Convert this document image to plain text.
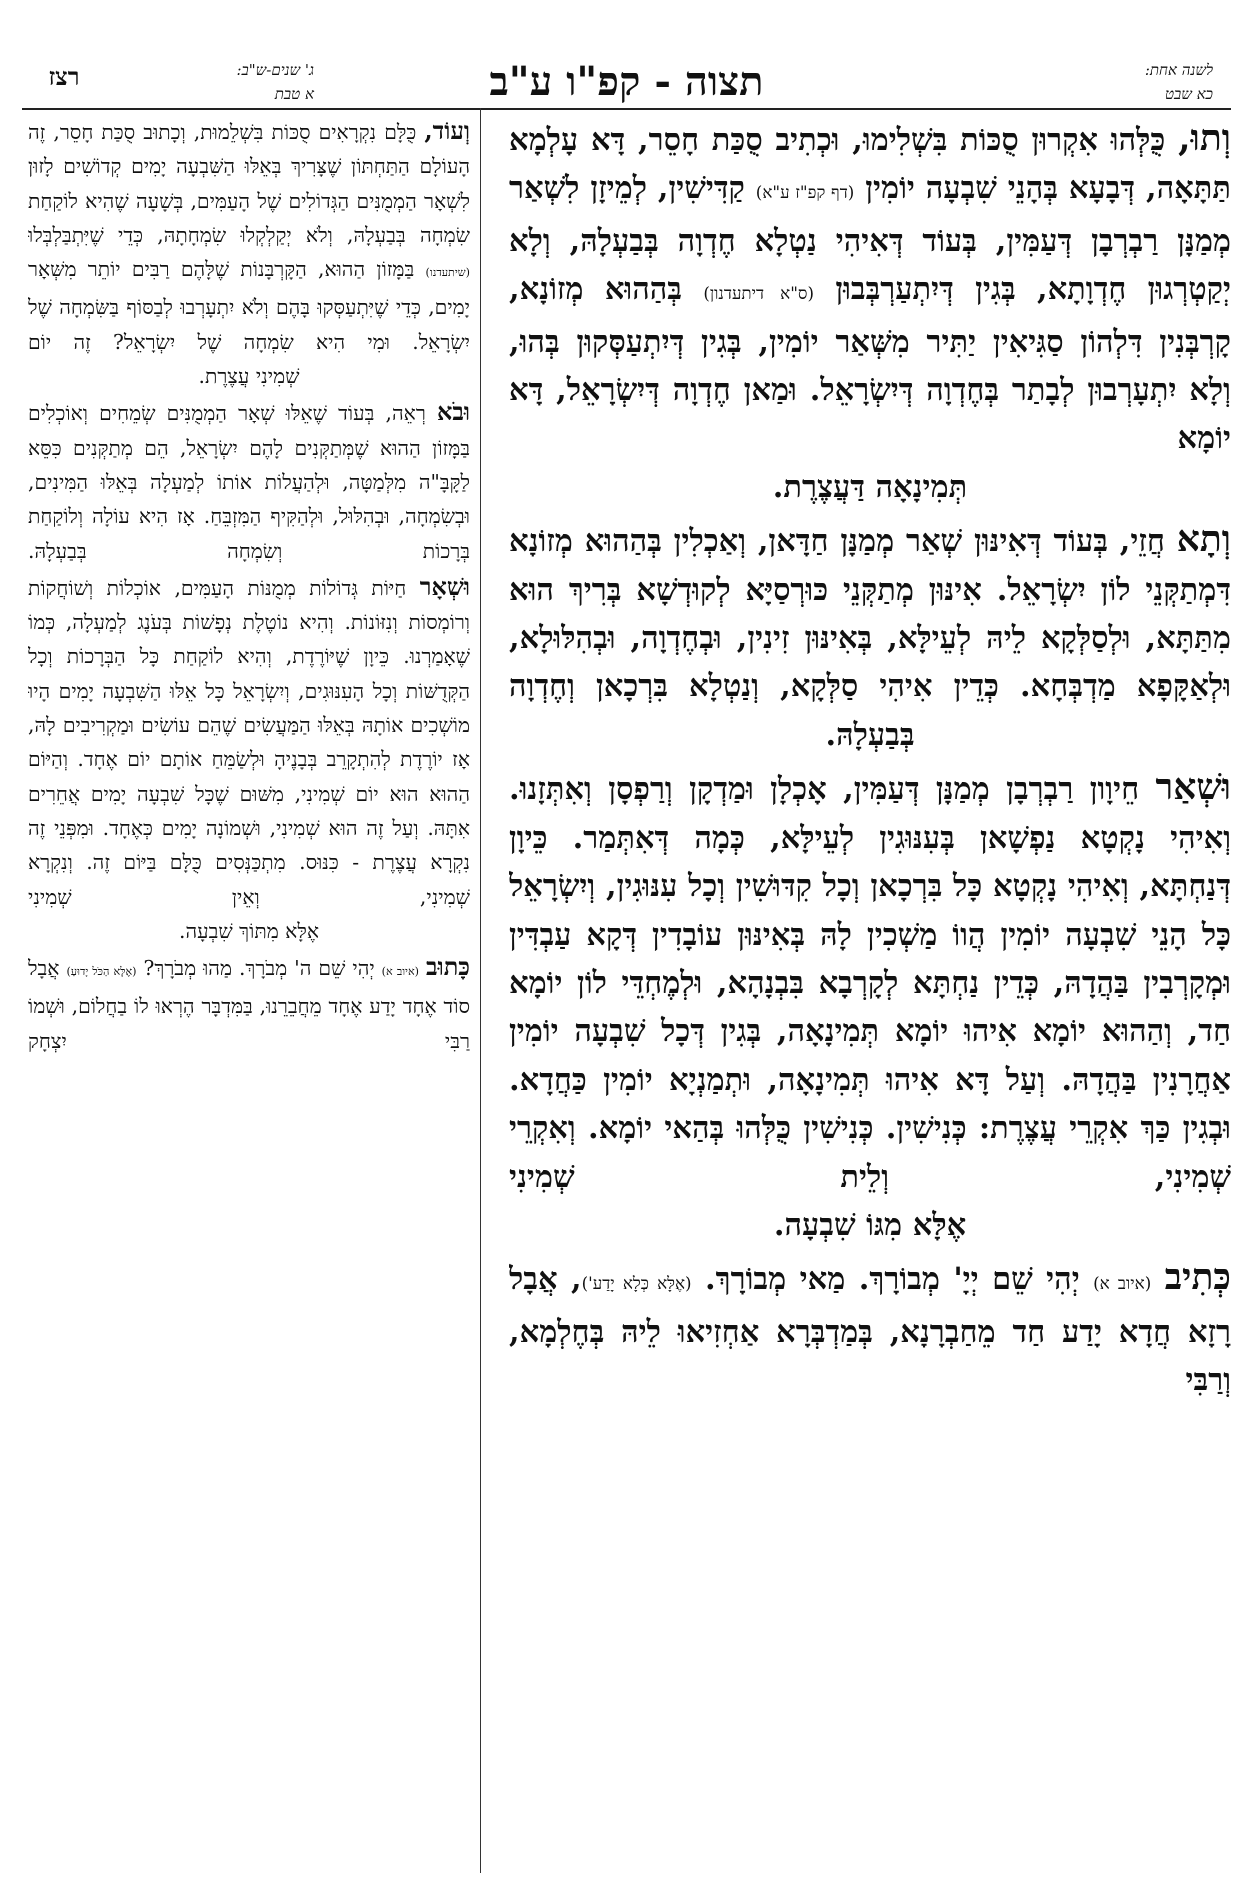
לשנה אחת:
כא שבט
תצוה - קפ"ו ע"ב
ג' שנים-ש"ב:
א טבת
רצז

וְתוּ, כֻּלְּהוּ אִקְרוּן סֻכּוֹת בִּשְׁלִימוּ, וּכְתִיב סֻכַּת חָסֵר, דָּא עָלְמָא תַּתָּאָה, דְּבָעָא בְּהָנֵי שִׁבְעָה יוֹמִין (דף קפ"ז ע"א) קַדִּישִׁין, לְמֵיזָן לִשְׁאַר מְמַנָּן רַבְרְבָן דְּעַמִּין, בְּעוֹד דְּאִיהִי נַטְלָא חֶדְוָה בְּבַעְלָהּ, וְלָא יְקַטְרְגוּן חֶדְוָתָא, בְּגִין דְּיִתְעַרְבְּבוּן (ס"א דיתעדנון) בְּהַהוּא מְזוֹנָא, קָרְבְּנִין דִּלְהוֹן סַגִּיאִין יַתִּיר מִשְּׁאַר יוֹמִין, בְּגִין דְּיִתְעַסְּקוּן בְּהוּ, וְלָא יִתְעָרְבוּן לְבָתַר בְּחֶדְוָה דְּיִשְׂרָאֵל. וּמַאן חֶדְוָה דְּיִשְׂרָאֵל, דָּא יוֹמָא
תְּמִינָאָה דַּעֲצֶרֶת.

וְתָא חֲזֵי, בְּעוֹד דְּאִינּוּן שְׁאַר מְמַנָּן חַדָּאן, וְאַכְלִין בְּהַהוּא מְזוֹנָא דִּמְתַקְּנֵי לוֹן יִשְׂרָאֵל. אִינּוּן מְתַקְּנֵי כּוּרְסַיָּא לְקוּדְשָׁא בְּרִיךְ הוּא מִתַּתָּא, וּלְסַלְּקָא לֵיהּ לְעֵילָּא, בְּאִינּוּן זִינִין, וּבְחֶדְוָה, וּבְהִלּוּלָא, וּלְאַקָּפָא מַדְבְּחָא. כְּדֵין אִיהִי סַלְּקָא, וְנַטְלָא בִּרְכָאן וְחֶדְוָה
בְּבַעְלָהּ.

וּשְׁאַר חֵיוָון רַבְרְבָן מְמַנָּן דְּעַמִּין, אָכְלָן וּמַדְקָן וְרַפְסָן וְאִתְּזָנוּ. וְאִיהִי נָקְטָא נַפְשָׁאן בְּעִנּוּגִין לְעֵילָּא, כְּמָה דְּאִתְּמַר. כֵּיוָן דְּנַחְתָּא, וְאִיהִי נָקְטָא כָּל בִּרְכָאן וְכָל קִדּוּשִׁין וְכָל עִנּוּגִין, וְיִשְׂרָאֵל כָּל הָנֵי שִׁבְעָה יוֹמִין הֲווֹ מַשְׁכִין לָהּ בְּאִינּוּן עוֹבָדִין דְּקָא עַבְדִּין וּמְקָרְבִין בַּהֲדָהּ, כְּדֵין נַחְתָּא לְקָרְבָא בִּבְנָהָא, וּלְמֶחְדֵּי לוֹן יוֹמָא חַד, וְהַהוּא יוֹמָא אִיהוּ יוֹמָא תְּמִינָאָה, בְּגִין דְּכָל שִׁבְעָה יוֹמִין אַחֲרָנִין בַּהֲדָהּ. וְעַל דָּא אִיהוּ תְּמִינָאָה, וּתְמַנְיָא יוֹמִין כַּחֲדָא. וּבְגִין כַּךְ אִקְרֵי עֲצֶרֶת: כְּנִישִׁין. כְּנִישִׁין כֻּלְּהוּ בְּהַאי יוֹמָא. וְאִקְרֵי שְׁמִינִי, וְלֵית שְׁמִינִי
אֶלָּא מִגּוֹ שִׁבְעָה.

כְּתִיב (איוב א) יְהִי שֵׁם יְיָ' מְבוֹרָךְ. מַאי מְבוֹרָךְ. (אֶלָּא כְּלָא יָדַע'), אֲבָל רָזָא חֲדָא יָדַע חַד מֵחַבְרָנָא, בְּמַדְבְּרָא אַחְזִיאוּ לֵיהּ בְּחֶלְמָא, וְרַבִּי

וְעוֹד, כֻּלָּם נִקְרָאִים סֻכּוֹת בִּשְׁלֵמוּת, וְכָתוּב סֻכַּת חָסֵר, זֶה הָעוֹלָם הַתַּחְתּוֹן שֶׁצָּרִיךְ בְּאֵלּוּ הַשִּׁבְעָה יָמִים קְדוֹשִׁים לָזוּן לִשְׁאָר הַמְמֻנִּים הַגְּדוֹלִים שֶׁל הָעַמִּים, בְּשָׁעָה שֶׁהִיא לוֹקַחַת שִׂמְחָה בְּבַעְלָהּ, וְלֹא יְקַלְקְלוּ שִׂמְחָתָהּ, כְּדֵי שֶׁיִּתְבַּלְבְּלוּ (שיתעדנו) בַּמָּזוֹן הַהוּא, הַקָּרְבָּנוֹת שֶׁלָּהֶם רַבִּים יוֹתֵר מִשְּׁאָר יָמִים, כְּדֵי שֶׁיִּתְעַסְּקוּ בָּהֶם וְלֹא יִתְעָרְבוּ לְבַסּוֹף בַּשִּׂמְחָה שֶׁל יִשְׂרָאֵל. וּמִי הִיא שִׂמְחָה שֶׁל יִשְׂרָאֵל? זֶה יוֹם
שְׁמִינִי עֲצֶרֶת.

וּבֹא רְאֵה, בְּעוֹד שֶׁאֵלּוּ שְׁאָר הַמְמֻנִּים שְׂמֵחִים וְאוֹכְלִים בַּמָּזוֹן הַהוּא שֶׁמְּתַקְּנִים לָהֶם יִשְׂרָאֵל, הֵם מְתַקְּנִים כִּסֵּא לַקָּבָּ"ה מִלְּמַטָּה, וּלְהַעֲלוֹת אוֹתוֹ לְמַעְלָה בְּאֵלּוּ הַמִּינִים, וּבְשִׂמְחָה, וּבְהִלּוּל, וּלְהַקִּיף הַמִּזְבֵּחַ. אָז הִיא עוֹלָה וְלוֹקַחַת בְּרָכוֹת וְשִׂמְחָה בְּבַעְלָהּ.

וּשְׁאָר חַיּוֹת גְּדוֹלוֹת מְמֻנּוֹת הָעַמִּים, אוֹכְלוֹת וְשׁוֹחֲקוֹת וְרוֹמְסוֹת וְנִזּוֹנוֹת. וְהִיא נוֹטֶלֶת נְפָשׁוֹת בְּעֹנֶג לְמַעְלָה, כְּמוֹ שֶׁאָמַרְנוּ. כֵּיוָן שֶׁיּוֹרֶדֶת, וְהִיא לוֹקַחַת כָּל הַבְּרָכוֹת וְכָל הַקְּדֻשּׁוֹת וְכָל הָעִנּוּגִים, וְיִשְׂרָאֵל כָּל אֵלּוּ הַשִּׁבְעָה יָמִים הָיוּ מוֹשְׁכִים אוֹתָהּ בְּאֵלּוּ הַמַּעֲשִׂים שֶׁהֵם עוֹשִׂים וּמַקְרִיבִים לָהּ, אָז יוֹרֶדֶת לְהִתְקָרֵב בְּבָנֶיהָ וּלְשַׂמֵּחַ אוֹתָם יוֹם אֶחָד. וְהַיּוֹם הַהוּא הוּא יוֹם שְׁמִינִי, מִשּׁוּם שֶׁכָּל שִׁבְעָה יָמִים אֲחֵרִים אִתָּהּ. וְעַל זֶה הוּא שְׁמִינִי, וּשְׁמוֹנָה יָמִים כְּאֶחָד. וּמִפְּנֵי זֶה נִקְרָא עֲצֶרֶת - כִּנּוּס. מִתְכַּנְּסִים כֻּלָּם בַּיּוֹם זֶה. וְנִקְרָא שְׁמִינִי, וְאֵין שְׁמִינִי
אֶלָּא מִתּוֹךְ שִׁבְעָה.

כָּתוּב (איוב א) יְהִי שֵׁם ה' מְבֹרָךְ. מַהוּ מְבֹרָךְ? (אֶלָּא הַכֹּל יָדוּעַ) אֲבָל סוֹד אֶחָד יָדַע אֶחָד מֵחֲבֵרֵנוּ, בַּמִּדְבָּר הֶרְאוּ לוֹ בַחֲלוֹם, וּשְׁמוֹ רַבִּי יִצְחָק
